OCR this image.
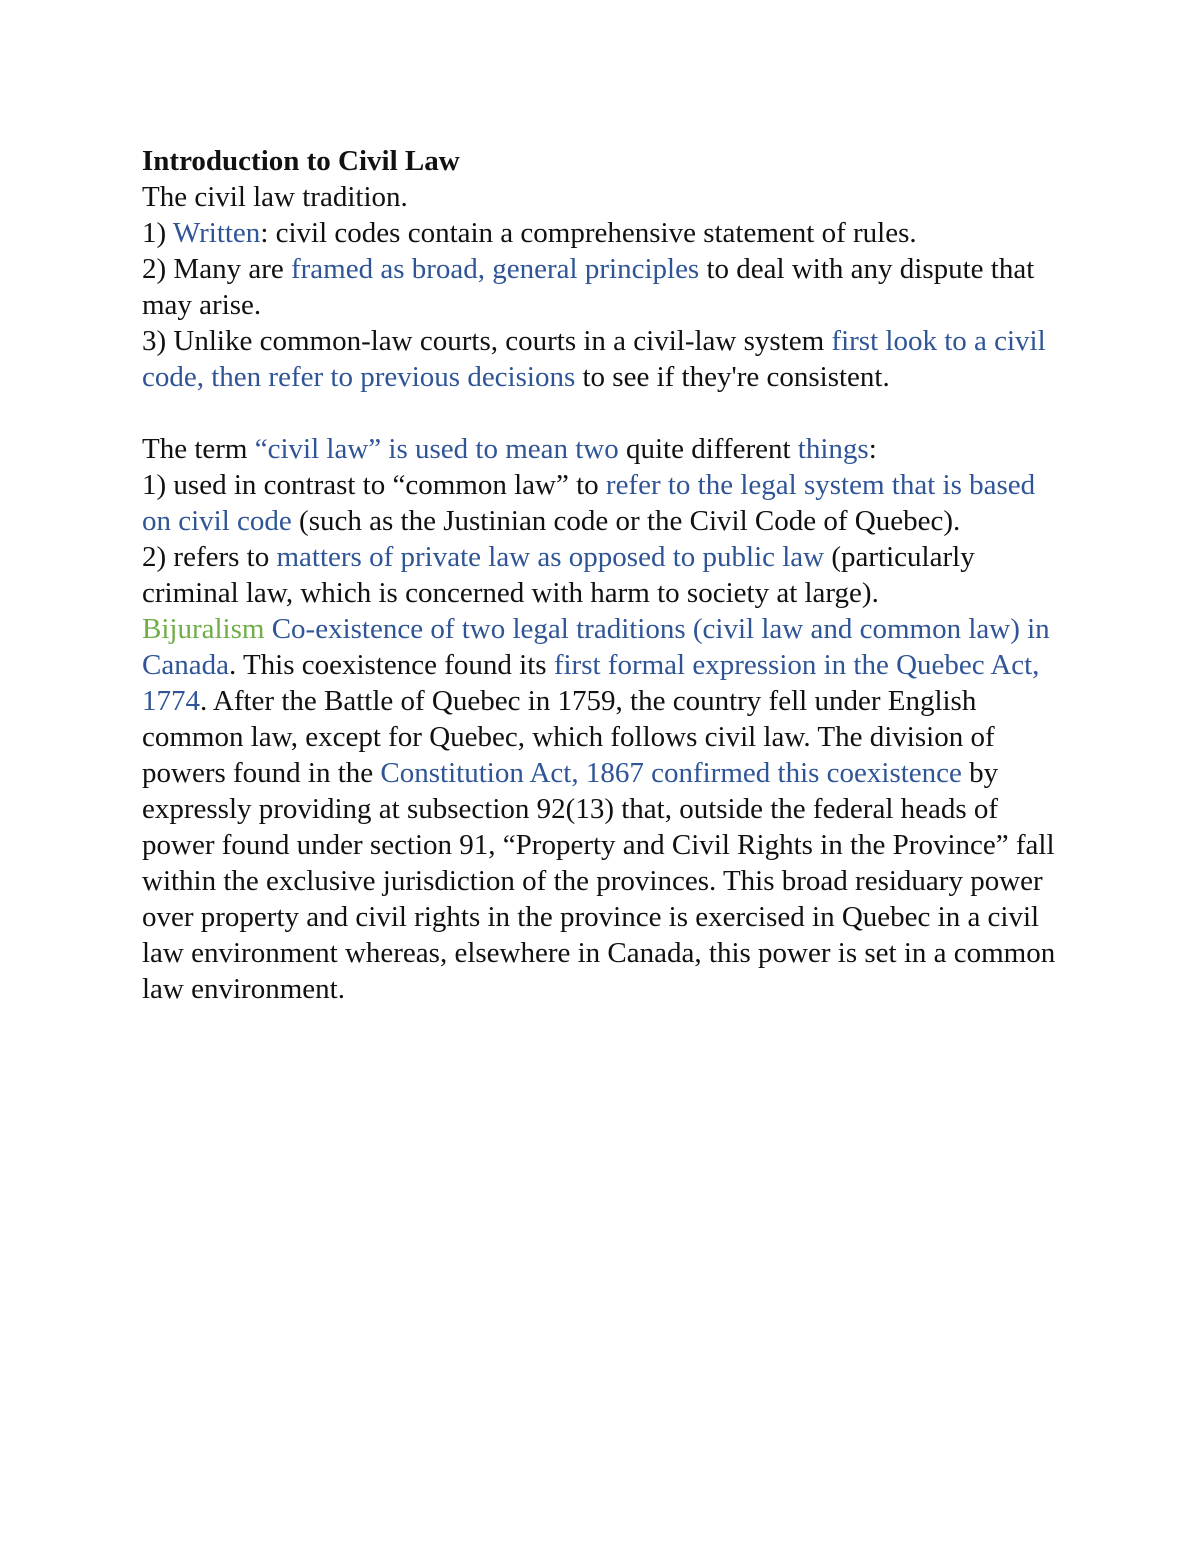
Introduction to Civil Law

The civil law tradition.

1) Written: civil codes contain a comprehensive statement of rules.

2) Many are framed as broad, general principles to deal with any dispute that may arise.

3) Unlike common-law courts, courts in a civil-law system first look to a civil code, then refer to previous decisions to see if they're consistent.

The term “civil law” is used to mean two quite different things:

1) used in contrast to “common law” to refer to the legal system that is based on civil code (such as the Justinian code or the Civil Code of Quebec).

2) refers to matters of private law as opposed to public law (particularly criminal law, which is concerned with harm to society at large).

Bijuralism Co-existence of two legal traditions (civil law and common law) in Canada. This coexistence found its first formal expression in the Quebec Act, 1774. After the Battle of Quebec in 1759, the country fell under English common law, except for Quebec, which follows civil law. The division of powers found in the Constitution Act, 1867 confirmed this coexistence by expressly providing at subsection 92(13) that, outside the federal heads of power found under section 91, “Property and Civil Rights in the Province” fall within the exclusive jurisdiction of the provinces. This broad residuary power over property and civil rights in the province is exercised in Quebec in a civil law environment whereas, elsewhere in Canada, this power is set in a common law environment.
